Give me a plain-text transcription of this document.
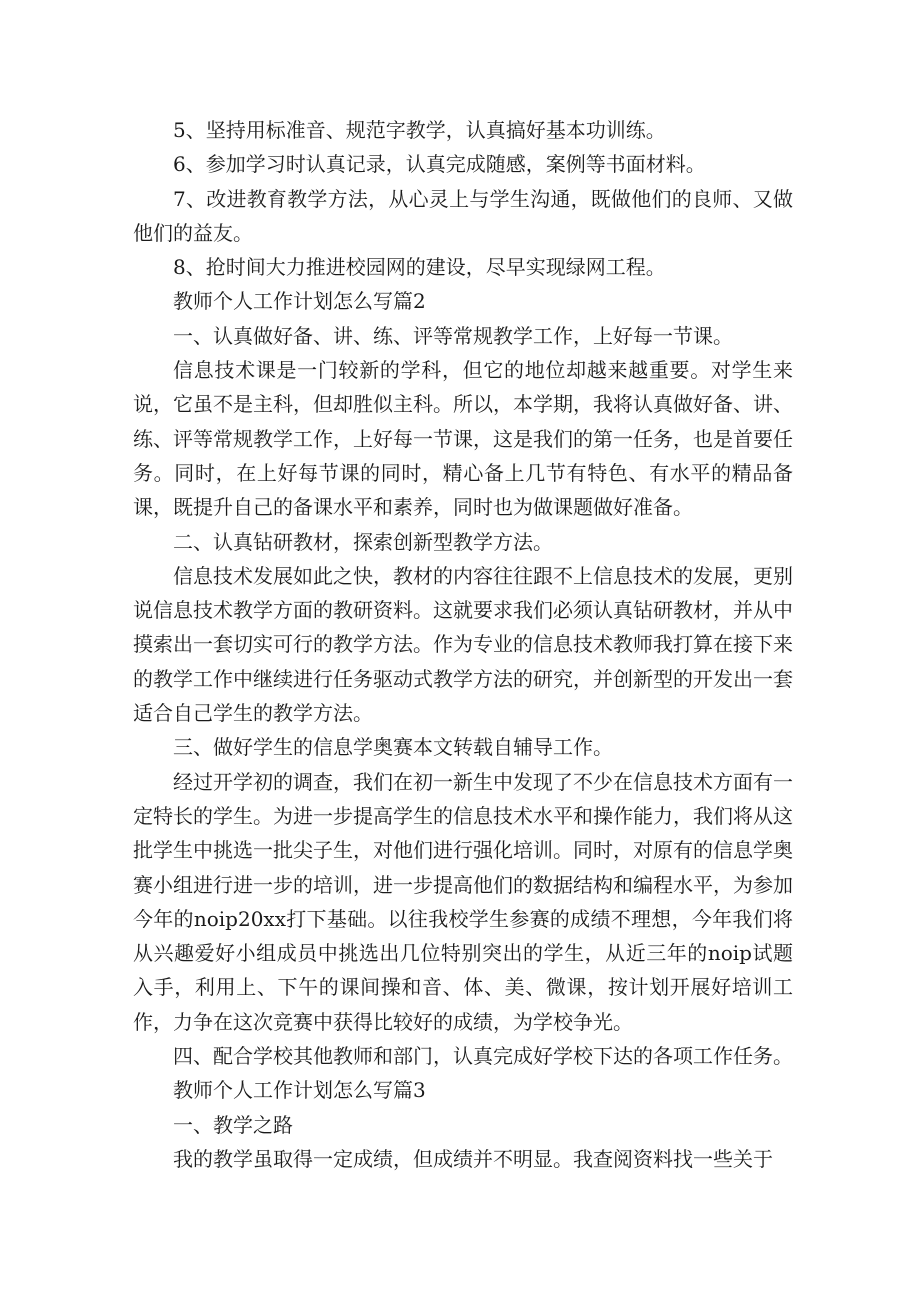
5、坚持用标准音、规范字教学，认真搞好基本功训练。

6、参加学习时认真记录，认真完成随感，案例等书面材料。

7、改进教育教学方法，从心灵上与学生沟通，既做他们的良师、又做他们的益友。

8、抢时间大力推进校园网的建设，尽早实现绿网工程。

教师个人工作计划怎么写篇2

一、认真做好备、讲、练、评等常规教学工作，上好每一节课。

信息技术课是一门较新的学科，但它的地位却越来越重要。对学生来说，它虽不是主科，但却胜似主科。所以，本学期，我将认真做好备、讲、练、评等常规教学工作，上好每一节课，这是我们的第一任务，也是首要任务。同时，在上好每节课的同时，精心备上几节有特色、有水平的精品备课，既提升自己的备课水平和素养，同时也为做课题做好准备。

二、认真钻研教材，探索创新型教学方法。

信息技术发展如此之快，教材的内容往往跟不上信息技术的发展，更别说信息技术教学方面的教研资料。这就要求我们必须认真钻研教材，并从中摸索出一套切实可行的教学方法。作为专业的信息技术教师我打算在接下来的教学工作中继续进行任务驱动式教学方法的研究，并创新型的开发出一套适合自己学生的教学方法。

三、做好学生的信息学奥赛本文转载自辅导工作。

经过开学初的调查，我们在初一新生中发现了不少在信息技术方面有一定特长的学生。为进一步提高学生的信息技术水平和操作能力，我们将从这批学生中挑选一批尖子生，对他们进行强化培训。同时，对原有的信息学奥赛小组进行进一步的培训，进一步提高他们的数据结构和编程水平，为参加今年的noip20xx打下基础。以往我校学生参赛的成绩不理想，今年我们将从兴趣爱好小组成员中挑选出几位特别突出的学生，从近三年的noip试题入手，利用上、下午的课间操和音、体、美、微课，按计划开展好培训工作，力争在这次竞赛中获得比较好的成绩，为学校争光。

四、配合学校其他教师和部门，认真完成好学校下达的各项工作任务。

教师个人工作计划怎么写篇3

一、教学之路

我的教学虽取得一定成绩，但成绩并不明显。我查阅资料找一些关于
